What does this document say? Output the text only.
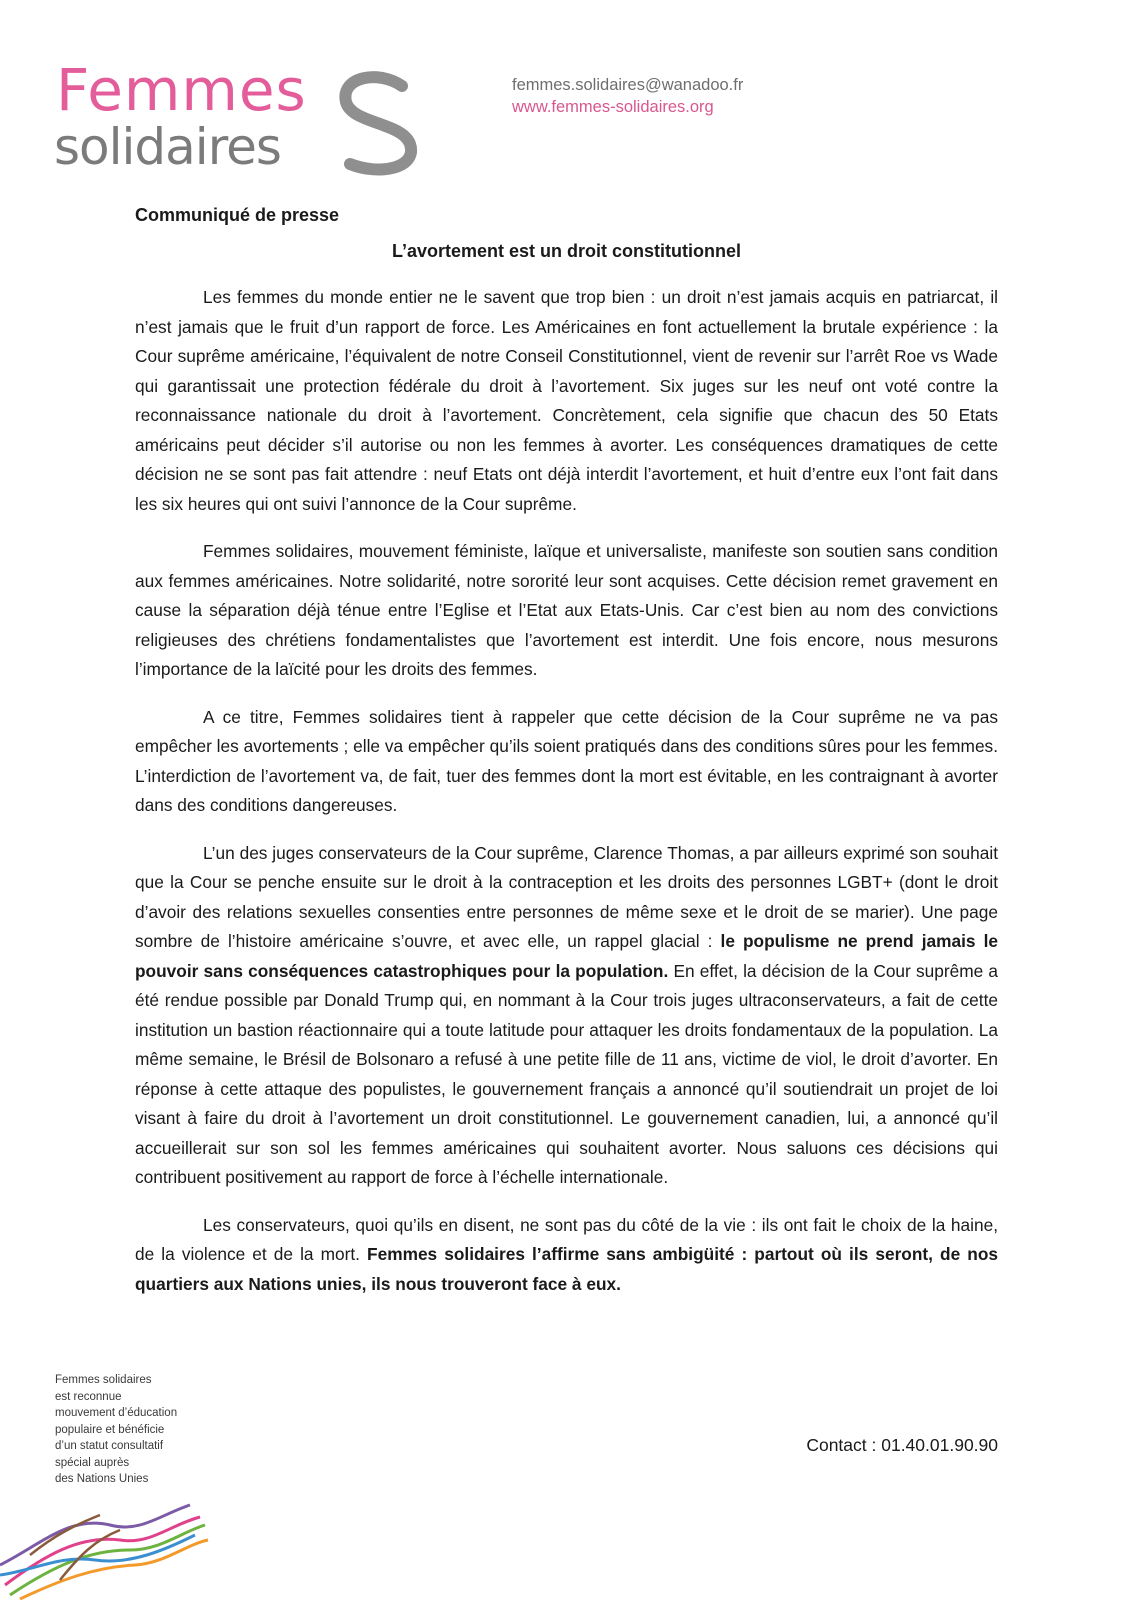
Femmes
solidaires
femmes.solidaires@wanadoo.fr
www.femmes-solidaires.org

Communiqué de presse

L’avortement est un droit constitutionnel

Les femmes du monde entier ne le savent que trop bien : un droit n’est jamais acquis en patriarcat, il n’est jamais que le fruit d’un rapport de force. Les Américaines en font actuellement la brutale expérience : la Cour suprême américaine, l’équivalent de notre Conseil Constitutionnel, vient de revenir sur l’arrêt Roe vs Wade qui garantissait une protection fédérale du droit à l’avortement. Six juges sur les neuf ont voté contre la reconnaissance nationale du droit à l’avortement. Concrètement, cela signifie que chacun des 50 Etats américains peut décider s’il autorise ou non les femmes à avorter. Les conséquences dramatiques de cette décision ne se sont pas fait attendre : neuf Etats ont déjà interdit l’avortement, et huit d’entre eux l’ont fait dans les six heures qui ont suivi l’annonce de la Cour suprême.

Femmes solidaires, mouvement féministe, laïque et universaliste, manifeste son soutien sans condition aux femmes américaines. Notre solidarité, notre sororité leur sont acquises. Cette décision remet gravement en cause la séparation déjà ténue entre l’Eglise et l’Etat aux Etats-Unis. Car c’est bien au nom des convictions religieuses des chrétiens fondamentalistes que l’avortement est interdit. Une fois encore, nous mesurons l’importance de la laïcité pour les droits des femmes.

A ce titre, Femmes solidaires tient à rappeler que cette décision de la Cour suprême ne va pas empêcher les avortements ; elle va empêcher qu’ils soient pratiqués dans des conditions sûres pour les femmes. L’interdiction de l’avortement va, de fait, tuer des femmes dont la mort est évitable, en les contraignant à avorter dans des conditions dangereuses.

L’un des juges conservateurs de la Cour suprême, Clarence Thomas, a par ailleurs exprimé son souhait que la Cour se penche ensuite sur le droit à la contraception et les droits des personnes LGBT+ (dont le droit d’avoir des relations sexuelles consenties entre personnes de même sexe et le droit de se marier). Une page sombre de l’histoire américaine s’ouvre, et avec elle, un rappel glacial : le populisme ne prend jamais le pouvoir sans conséquences catastrophiques pour la population. En effet, la décision de la Cour suprême a été rendue possible par Donald Trump qui, en nommant à la Cour trois juges ultraconservateurs, a fait de cette institution un bastion réactionnaire qui a toute latitude pour attaquer les droits fondamentaux de la population. La même semaine, le Brésil de Bolsonaro a refusé à une petite fille de 11 ans, victime de viol, le droit d’avorter. En réponse à cette attaque des populistes, le gouvernement français a annoncé qu’il soutiendrait un projet de loi visant à faire du droit à l’avortement un droit constitutionnel. Le gouvernement canadien, lui, a annoncé qu’il accueillerait sur son sol les femmes américaines qui souhaitent avorter. Nous saluons ces décisions qui contribuent positivement au rapport de force à l’échelle internationale.

Les conservateurs, quoi qu’ils en disent, ne sont pas du côté de la vie : ils ont fait le choix de la haine, de la violence et de la mort. Femmes solidaires l’affirme sans ambigüité : partout où ils seront, de nos quartiers aux Nations unies, ils nous trouveront face à eux.

Contact : 01.40.01.90.90
Femmes solidaires
est reconnue
mouvement d’éducation
populaire et bénéficie
d’un statut consultatif
spécial auprès
des Nations Unies
